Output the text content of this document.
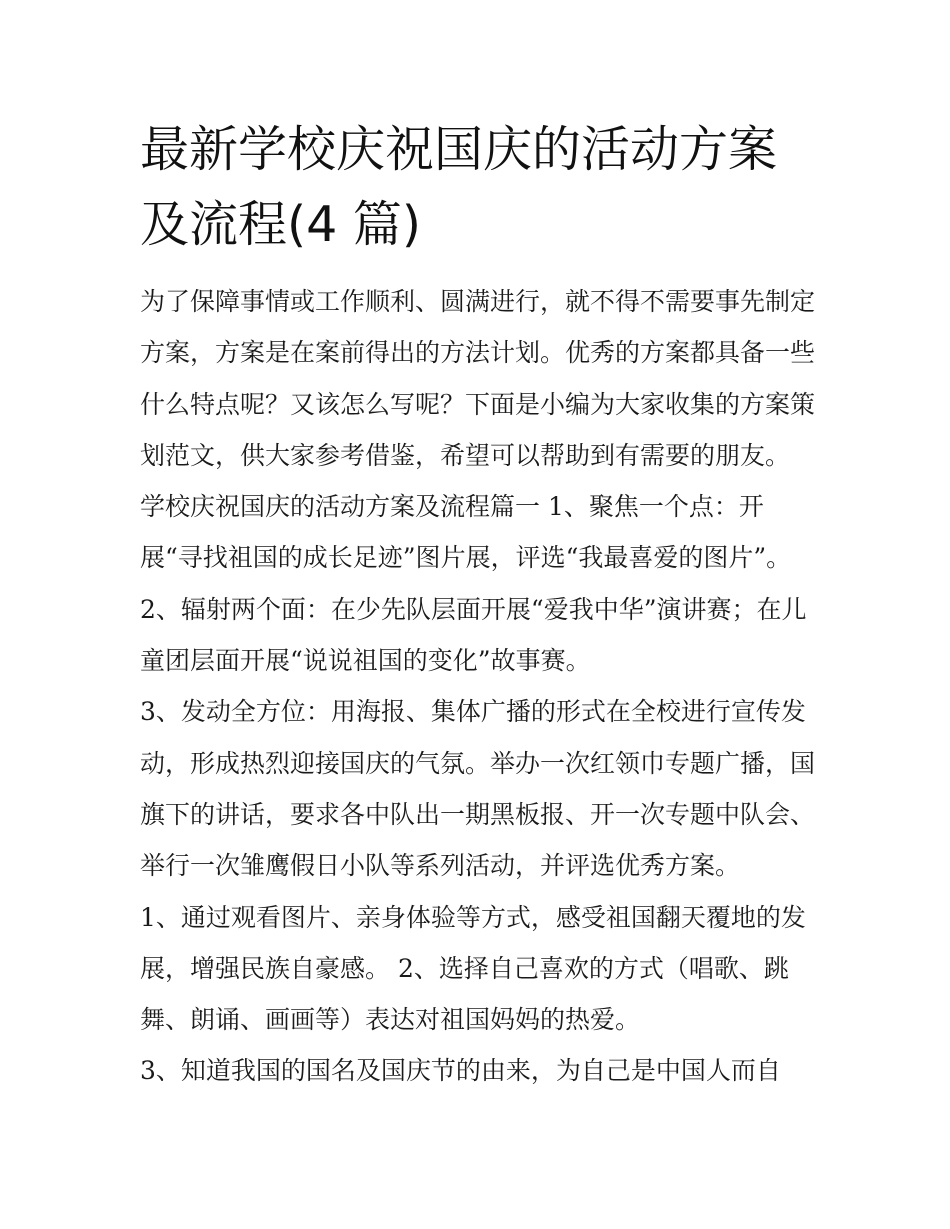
最新学校庆祝国庆的活动方案
及流程(4 篇)

为了保障事情或工作顺利、圆满进行，就不得不需要事先制定

方案，方案是在案前得出的方法计划。优秀的方案都具备一些

什么特点呢？又该怎么写呢？下面是小编为大家收集的方案策

划范文，供大家参考借鉴，希望可以帮助到有需要的朋友。

学校庆祝国庆的活动方案及流程篇一 1、聚焦一个点：开

展“寻找祖国的成长足迹”图片展，评选“我最喜爱的图片”。

2、辐射两个面：在少先队层面开展“爱我中华”演讲赛；在儿

童团层面开展“说说祖国的变化”故事赛。

3、发动全方位：用海报、集体广播的形式在全校进行宣传发

动，形成热烈迎接国庆的气氛。举办一次红领巾专题广播，国

旗下的讲话，要求各中队出一期黑板报、开一次专题中队会、

举行一次雏鹰假日小队等系列活动，并评选优秀方案。

1、通过观看图片、亲身体验等方式，感受祖国翻天覆地的发

展，增强民族自豪感。 2、选择自己喜欢的方式（唱歌、跳

舞、朗诵、画画等）表达对祖国妈妈的热爱。

3、知道我国的国名及国庆节的由来，为自己是中国人而自
